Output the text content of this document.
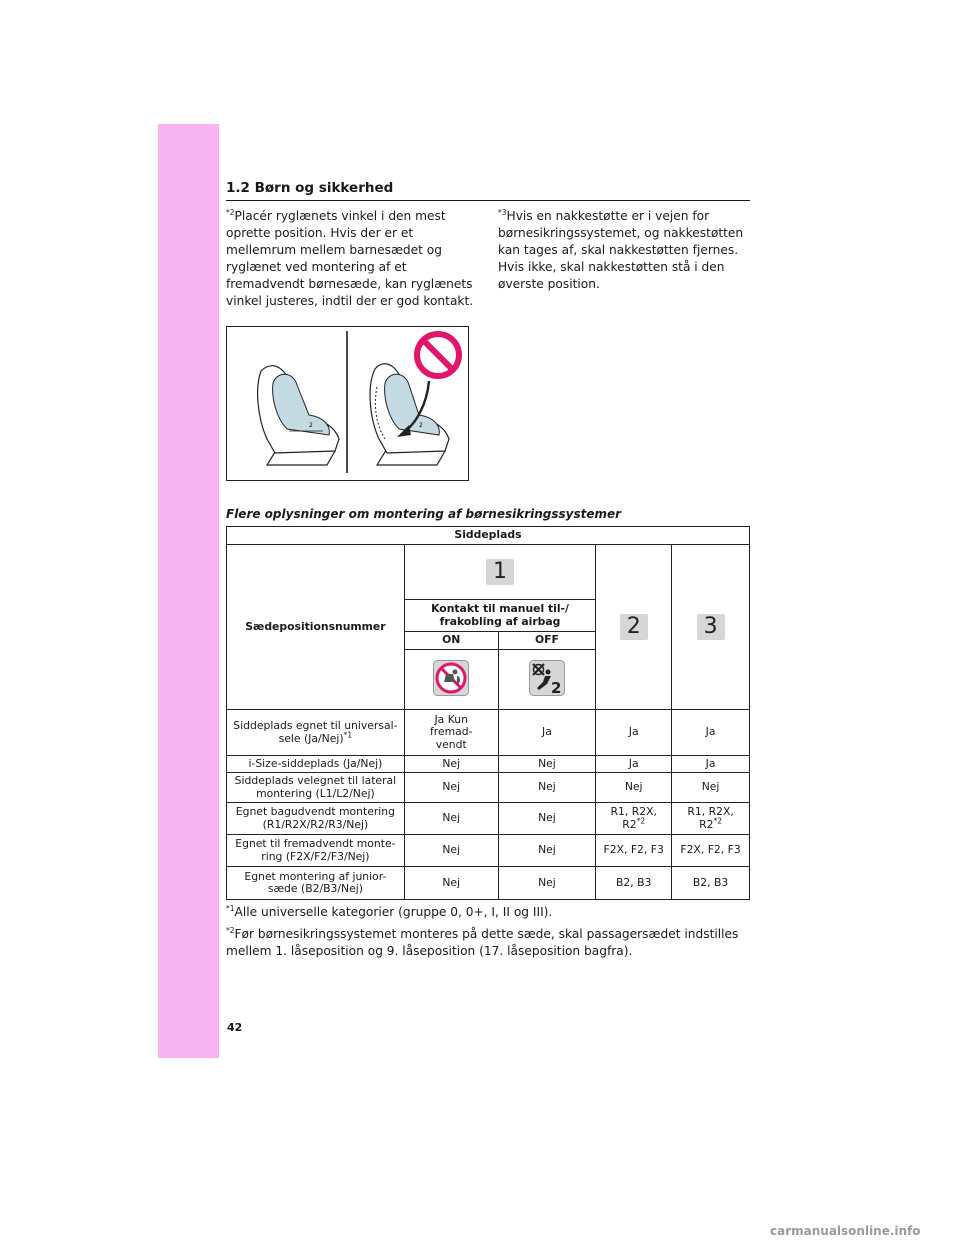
1.2 Børn og sikkerhed
$^{*2}$Placér ryglænets vinkel i den mest oprette position. Hvis der er et mellemrum mellem barnesædet og ryglænet ved montering af et fremadvendt børnesæde, kan ryglænets vinkel justeres, indtil der er god kontakt.
$^{*3}$Hvis en nakkestøtte er i vejen for børnesikringssystemet, og nakkestøtten kan tages af, skal nakkestøtten fjernes. Hvis ikke, skal nakkestøtten stå i den øverste position.
2	2
Flere oplysninger om montering af børnesikringssystemer
Siddeplads				
Sædepositionsnummer	1		2	3
	Kontakt til manuel til-/ frakobling af airbag			
	ON	OFF		

2		

Siddeplads egnet til universal-sele $(Ja/Nej)^{*1}$	Ja Kun fremad-vendt	Ja	Ja	Ja
i-Size-siddeplads (Ja/Nej)	Nej	Nej	Ja	Ja
Siddeplads velegnet til lateral montering (L1/L2/Nej)	Nej	Nej	Nej	Nej
Egnet bagudvendt montering (R1/R2X/R2/R3/Nej)	Nej	Nej	R1, R2X, R2$^{*2}$	R1, R2X, R2$^{*2}$
Egnet til fremadvendt monte-ring (F2X/F2/F3/Nej)	Nej	Nej	F2X, F2, F3	F2X, F2, F3
Egnet montering af junior-sæde (B2/B3/Nej)	Nej	Nej	B2, B3	B2, B3
$^{*1}$Alle universelle kategorier (gruppe 0, 0+, I, II og III).
$^{*2}$Før børnesikringssystemet monteres på dette sæde, skal passagersædet indstilles mellem 1. låseposition og 9. låseposition (17. låseposition bagfra).
42
carmanualsonline.info
